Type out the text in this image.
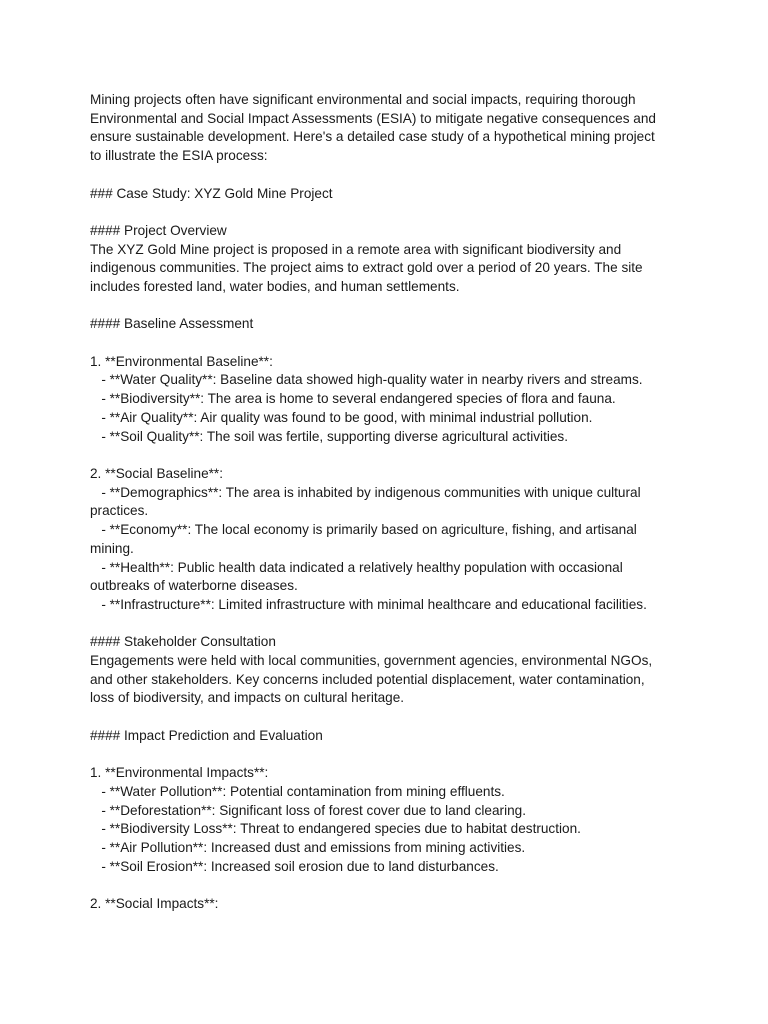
Mining projects often have significant environmental and social impacts, requiring thorough

Environmental and Social Impact Assessments (ESIA) to mitigate negative consequences and

ensure sustainable development. Here's a detailed case study of a hypothetical mining project

to illustrate the ESIA process:

### Case Study: XYZ Gold Mine Project

#### Project Overview

The XYZ Gold Mine project is proposed in a remote area with significant biodiversity and

indigenous communities. The project aims to extract gold over a period of 20 years. The site

includes forested land, water bodies, and human settlements.

#### Baseline Assessment

1. **Environmental Baseline**:

- **Water Quality**: Baseline data showed high-quality water in nearby rivers and streams.

- **Biodiversity**: The area is home to several endangered species of flora and fauna.

- **Air Quality**: Air quality was found to be good, with minimal industrial pollution.

- **Soil Quality**: The soil was fertile, supporting diverse agricultural activities.

2. **Social Baseline**:

- **Demographics**: The area is inhabited by indigenous communities with unique cultural

practices.

- **Economy**: The local economy is primarily based on agriculture, fishing, and artisanal

mining.

- **Health**: Public health data indicated a relatively healthy population with occasional

outbreaks of waterborne diseases.

- **Infrastructure**: Limited infrastructure with minimal healthcare and educational facilities.

#### Stakeholder Consultation

Engagements were held with local communities, government agencies, environmental NGOs,

and other stakeholders. Key concerns included potential displacement, water contamination,

loss of biodiversity, and impacts on cultural heritage.

#### Impact Prediction and Evaluation

1. **Environmental Impacts**:

- **Water Pollution**: Potential contamination from mining effluents.

- **Deforestation**: Significant loss of forest cover due to land clearing.

- **Biodiversity Loss**: Threat to endangered species due to habitat destruction.

- **Air Pollution**: Increased dust and emissions from mining activities.

- **Soil Erosion**: Increased soil erosion due to land disturbances.

2. **Social Impacts**:
